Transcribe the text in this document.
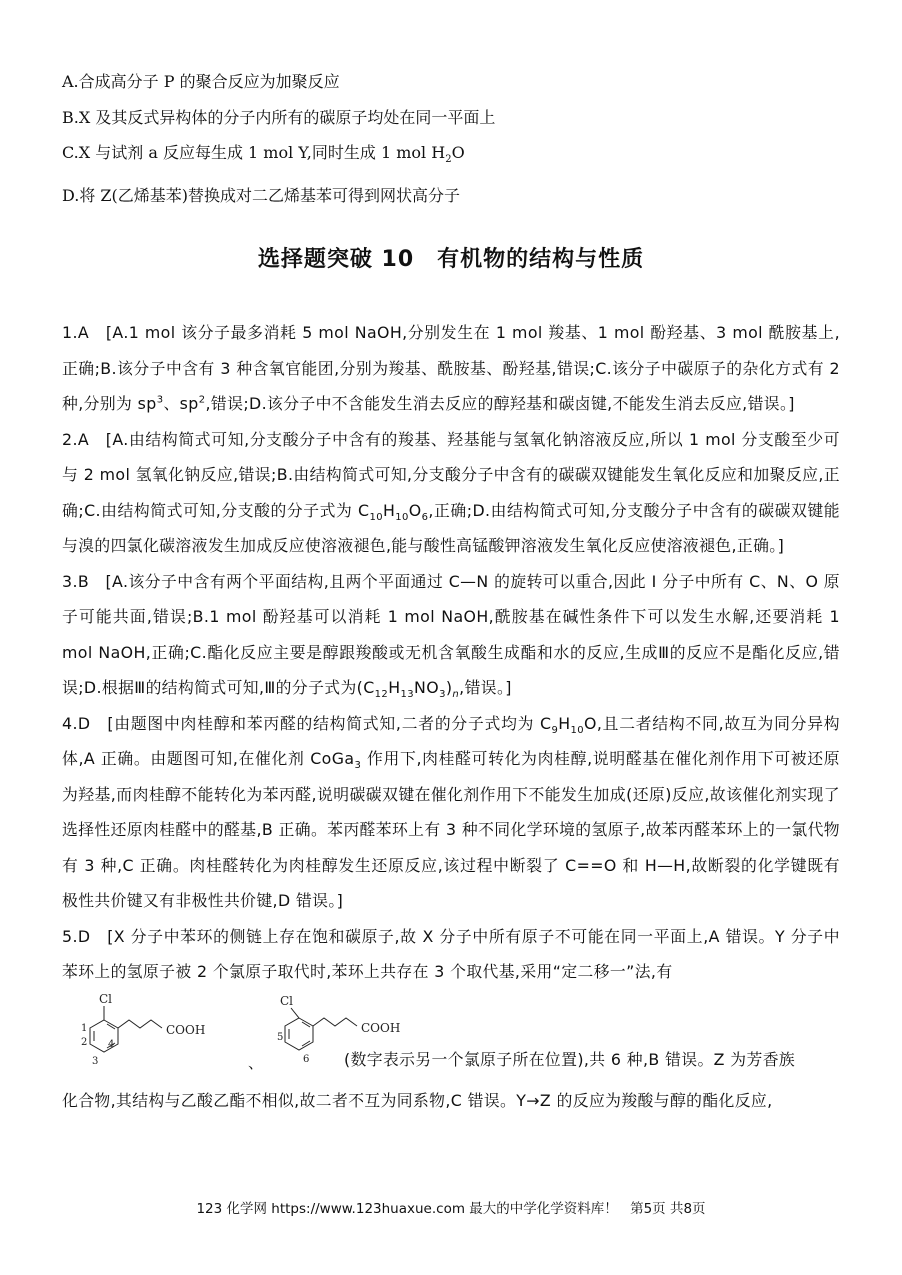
A.合成高分子 P 的聚合反应为加聚反应
B.X 及其反式异构体的分子内所有的碳原子均处在同一平面上
C.X 与试剂 a 反应每生成 1 mol Y,同时生成 1 mol $H_2O$
D.将 Z(乙烯基苯)替换成对二乙烯基苯可得到网状高分子
选择题突破 10　有机物的结构与性质
1.A　[A.1 mol 该分子最多消耗 5 mol NaOH,分别发生在 1 mol 羧基、1 mol 酚羟基、3 mol 酰胺基上,正确;B.该分子中含有 3 种含氧官能团,分别为羧基、酰胺基、酚羟基,错误;C.该分子中碳原子的杂化方式有 2 种,分别为 $sp^3$、$sp^2$,错误;D.该分子中不含能发生消去反应的醇羟基和碳卤键,不能发生消去反应,错误。]
2.A　[A.由结构简式可知,分支酸分子中含有的羧基、羟基能与氢氧化钠溶液反应,所以 1 mol 分支酸至少可与 2 mol 氢氧化钠反应,错误;B.由结构简式可知,分支酸分子中含有的碳碳双键能发生氧化反应和加聚反应,正确;C.由结构简式可知,分支酸的分子式为 $C_{10}H_{10}O_6$,正确;D.由结构简式可知,分支酸分子中含有的碳碳双键能与溴的四氯化碳溶液发生加成反应使溶液褪色,能与酸性高锰酸钾溶液发生氧化反应使溶液褪色,正确。]
3.B　[A.该分子中含有两个平面结构,且两个平面通过 C—N 的旋转可以重合,因此 Ⅰ 分子中所有 C、N、O 原子可能共面,错误;B.1 mol 酚羟基可以消耗 1 mol NaOH,酰胺基在碱性条件下可以发生水解,还要消耗 1 mol NaOH,正确;C.酯化反应主要是醇跟羧酸或无机含氧酸生成酯和水的反应,生成Ⅲ的反应不是酯化反应,错误;D.根据Ⅲ的结构简式可知,Ⅲ的分子式为$(C_{12}H_{13}NO_3)_n$,错误。]
4.D　[由题图中肉桂醇和苯丙醛的结构简式知,二者的分子式均为 $C_9H_{10}O$,且二者结构不同,故互为同分异构体,A 正确。由题图可知,在催化剂 CoGa$_3$ 作用下,肉桂醛可转化为肉桂醇,说明醛基在催化剂作用下可被还原为羟基,而肉桂醇不能转化为苯丙醛,说明碳碳双键在催化剂作用下不能发生加成(还原)反应,故该催化剂实现了选择性还原肉桂醛中的醛基,B 正确。苯丙醛苯环上有 3 种不同化学环境的氢原子,故苯丙醛苯环上的一氯代物有 3 种,C 正确。肉桂醛转化为肉桂醇发生还原反应,该过程中断裂了 C==O 和 H—H,故断裂的化学键既有极性共价键又有非极性共价键,D 错误。]
5.D　[X 分子中苯环的侧链上存在饱和碳原子,故 X 分子中所有原子不可能在同一平面上,A 错误。Y 分子中苯环上的氢原子被 2 个氯原子取代时,苯环上共存在 3 个取代基,采用“定二移一”法,有
Cl
COOH
1
2
3
4
、
Cl
COOH
5
6 (数字表示另一个氯原子所在位置),共 6 种,B 错误。Z 为芳香族
化合物,其结构与乙酸乙酯不相似,故二者不互为同系物,C 错误。Y→Z 的反应为羧酸与醇的酯化反应,
123 化学网 https://www.123huaxue.com 最大的中学化学资料库！ 第5页 共8页
